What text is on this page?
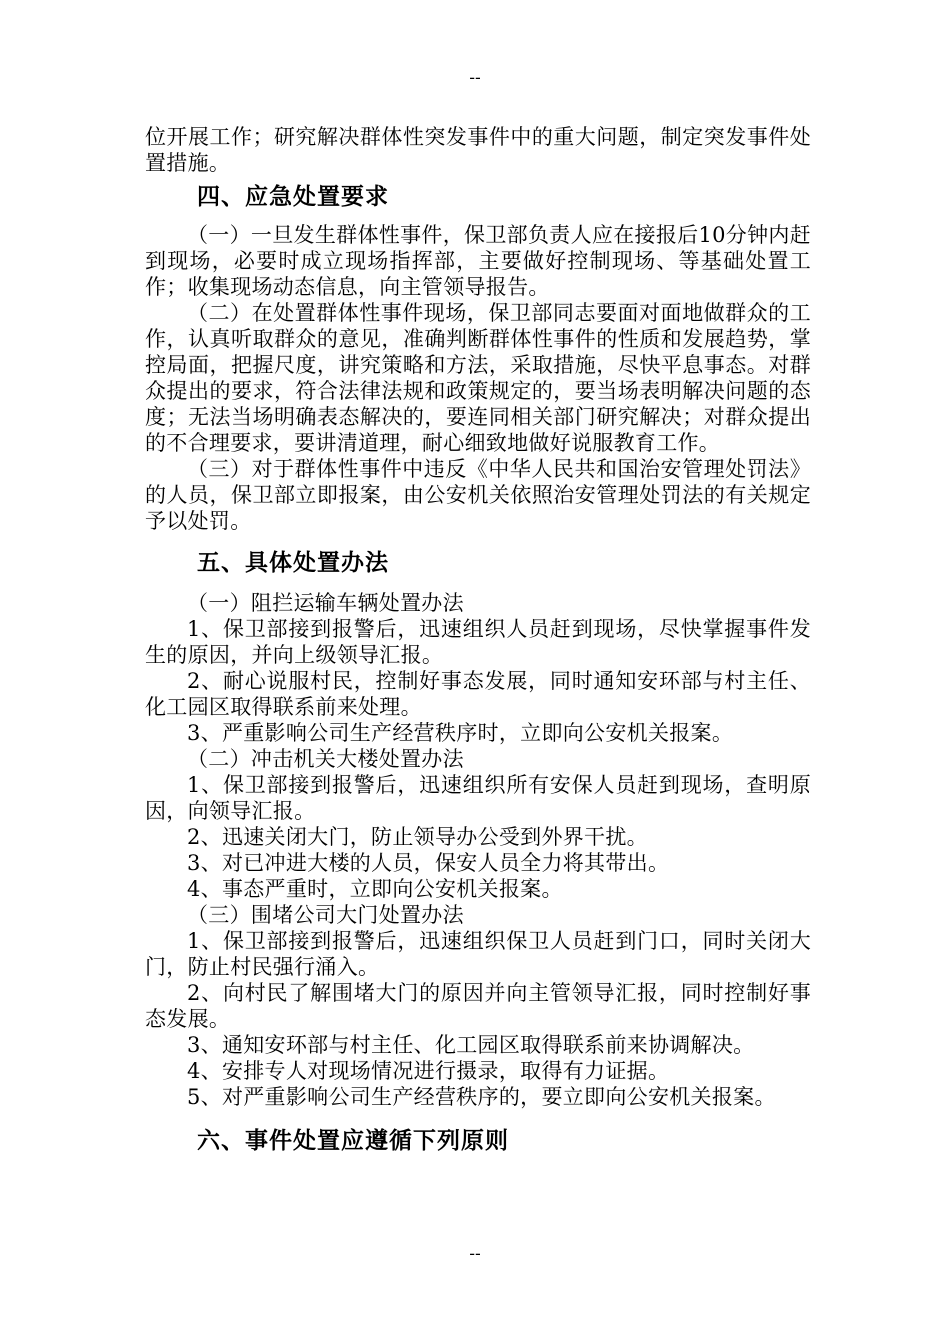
--

位开展工作；研究解决群体性突发事件中的重大问题，制定突发事件处置措施。

四、应急处置要求

（一）一旦发生群体性事件，保卫部负责人应在接报后10分钟内赶到现场，必要时成立现场指挥部，主要做好控制现场、等基础处置工作；收集现场动态信息，向主管领导报告。

（二）在处置群体性事件现场，保卫部同志要面对面地做群众的工作，认真听取群众的意见，准确判断群体性事件的性质和发展趋势，掌控局面，把握尺度，讲究策略和方法，采取措施，尽快平息事态。对群众提出的要求，符合法律法规和政策规定的，要当场表明解决问题的态度；无法当场明确表态解决的，要连同相关部门研究解决；对群众提出的不合理要求，要讲清道理，耐心细致地做好说服教育工作。

（三）对于群体性事件中违反《中华人民共和国治安管理处罚法》的人员，保卫部立即报案，由公安机关依照治安管理处罚法的有关规定予以处罚。

五、具体处置办法

（一）阻拦运输车辆处置办法

1、保卫部接到报警后，迅速组织人员赶到现场，尽快掌握事件发生的原因，并向上级领导汇报。

2、耐心说服村民，控制好事态发展，同时通知安环部与村主任、化工园区取得联系前来处理。

3、严重影响公司生产经营秩序时，立即向公安机关报案。

（二）冲击机关大楼处置办法

1、保卫部接到报警后，迅速组织所有安保人员赶到现场，查明原因，向领导汇报。

2、迅速关闭大门，防止领导办公受到外界干扰。

3、对已冲进大楼的人员，保安人员全力将其带出。

4、事态严重时，立即向公安机关报案。

（三）围堵公司大门处置办法

1、保卫部接到报警后，迅速组织保卫人员赶到门口，同时关闭大门，防止村民强行涌入。

2、向村民了解围堵大门的原因并向主管领导汇报，同时控制好事态发展。

3、通知安环部与村主任、化工园区取得联系前来协调解决。

4、安排专人对现场情况进行摄录，取得有力证据。

5、对严重影响公司生产经营秩序的，要立即向公安机关报案。

六、事件处置应遵循下列原则
--
